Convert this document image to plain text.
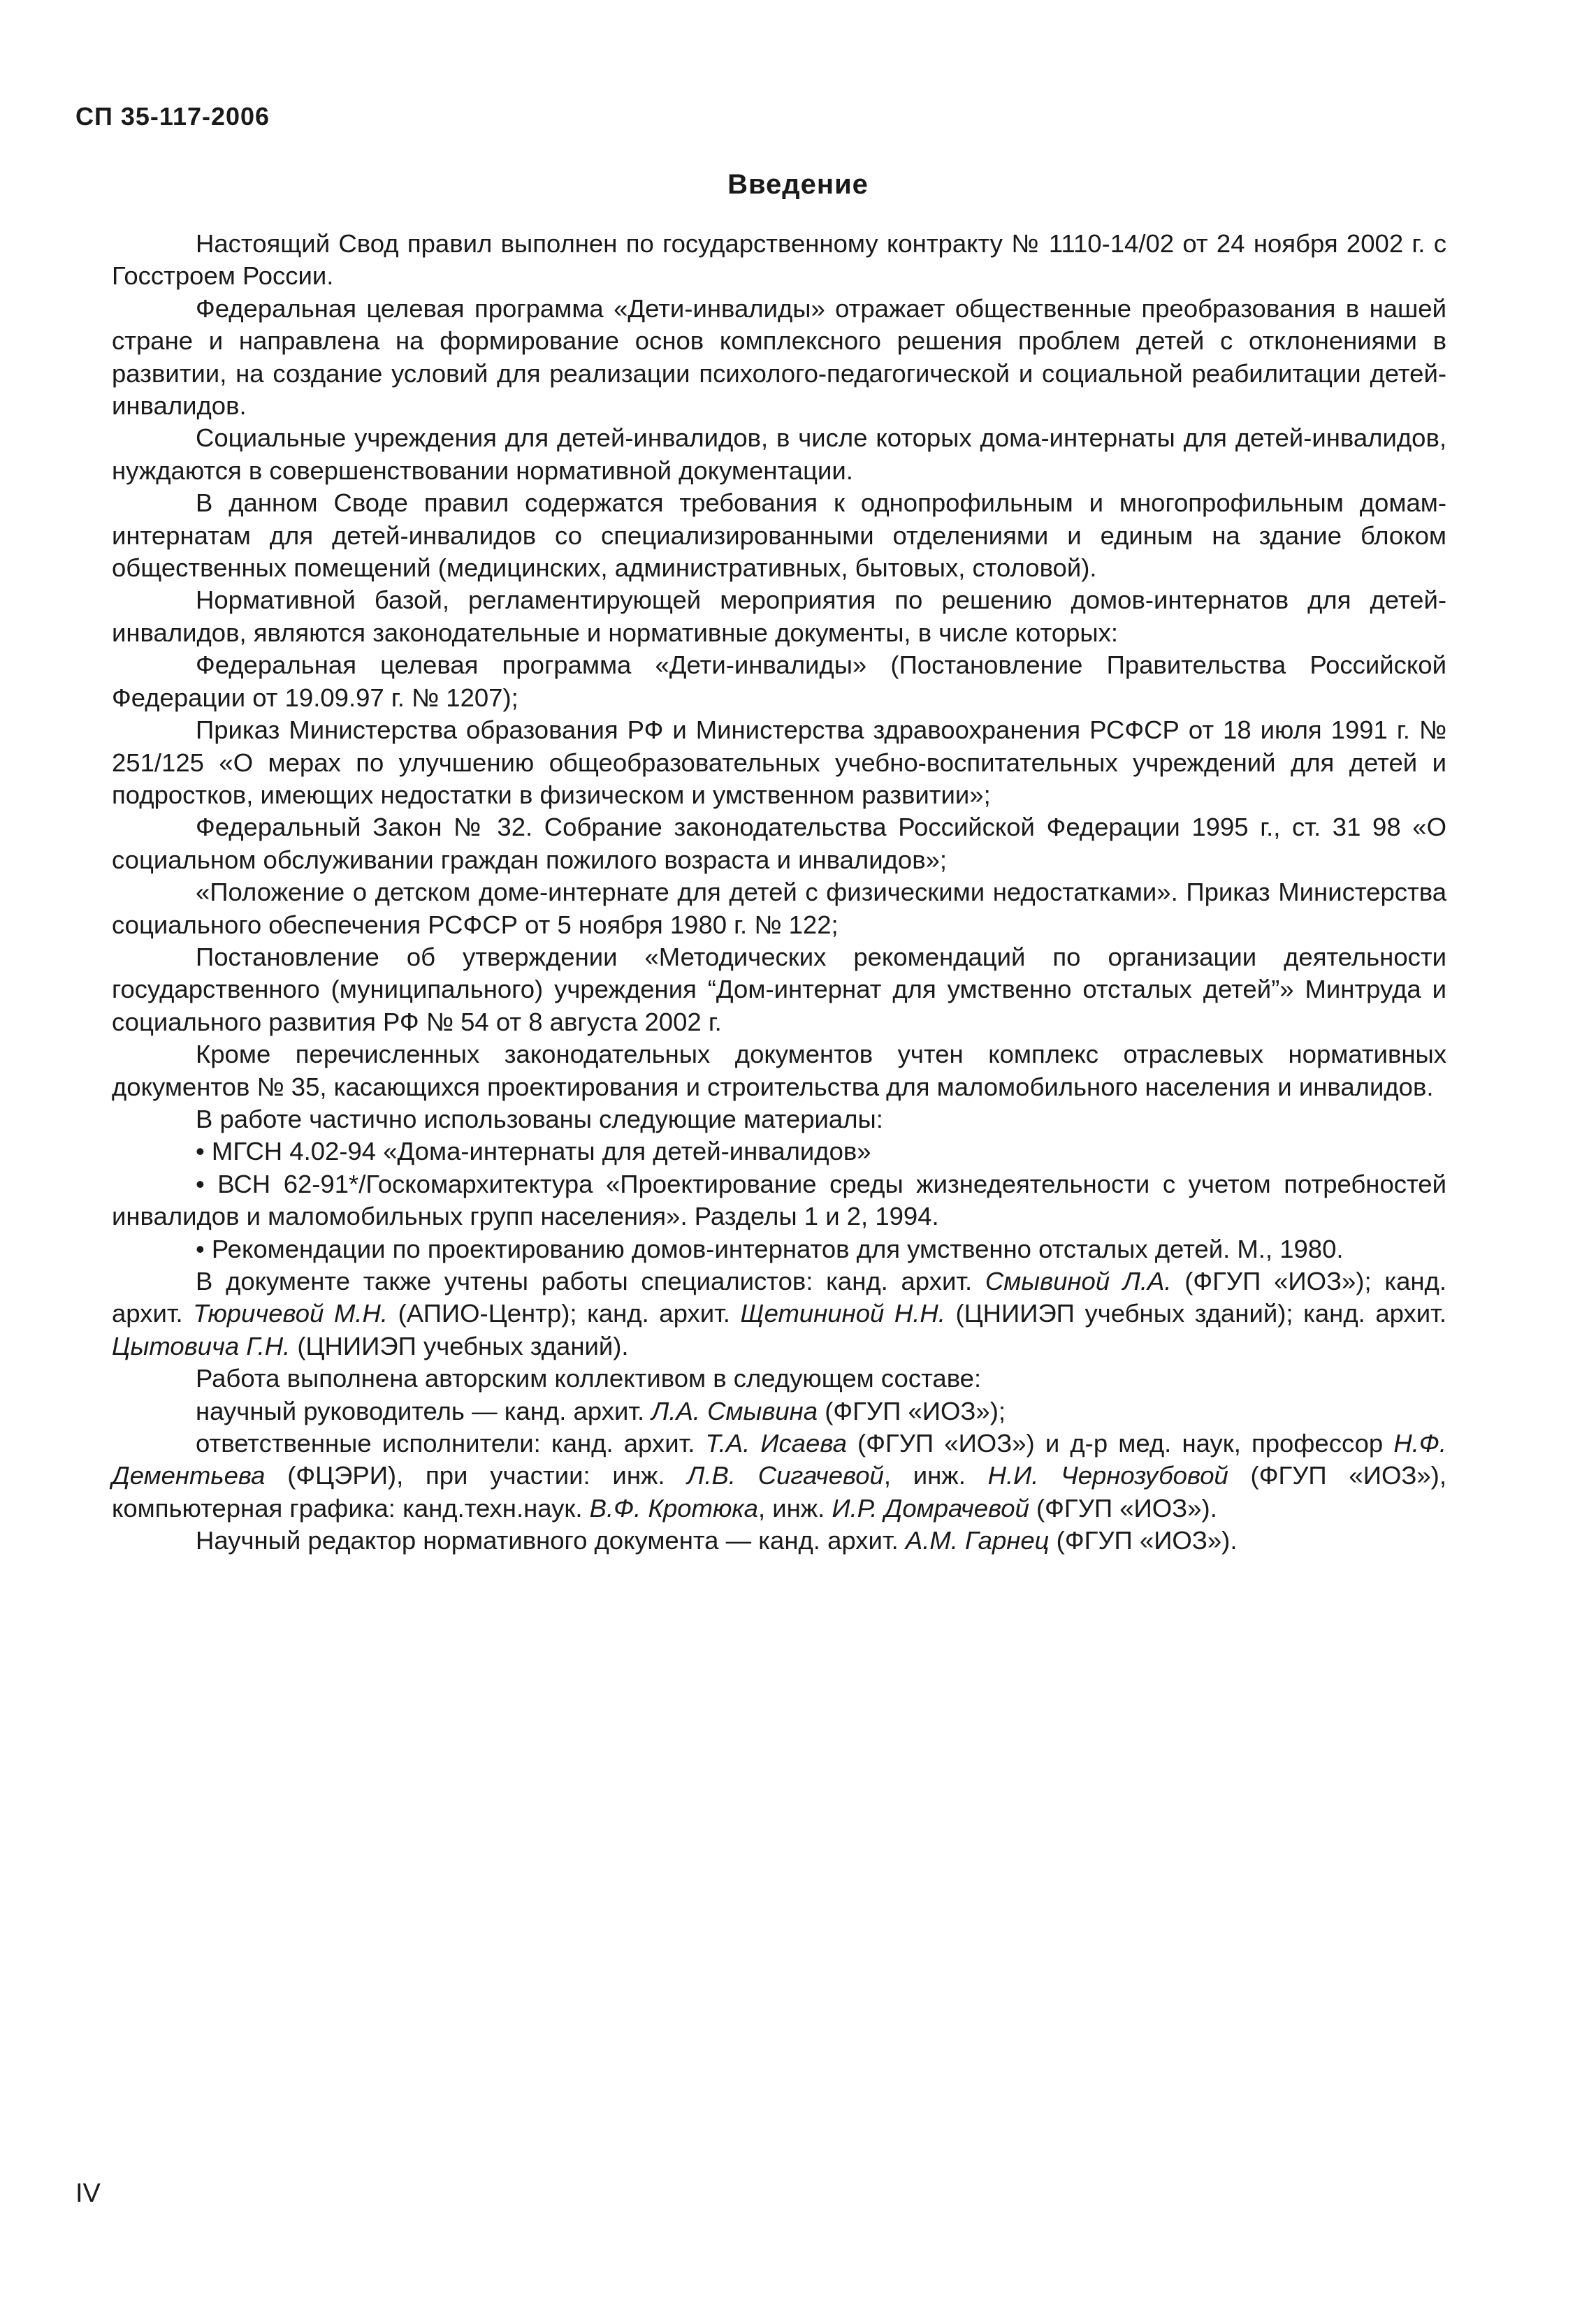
СП 35-117-2006
Введение

Настоящий Свод правил выполнен по государственному контракту № 1110-14/02 от 24 ноября 2002 г. с Госстроем России.

Федеральная целевая программа «Дети-инвалиды» отражает общественные преобразования в нашей стране и направлена на формирование основ комплексного решения проблем детей с отклонениями в развитии, на создание условий для реализации психолого-педагогической и социальной реабилитации детей-инвалидов.

Социальные учреждения для детей-инвалидов, в числе которых дома-интернаты для детей-инвалидов, нуждаются в совершенствовании нормативной документации.

В данном Своде правил содержатся требования к однопрофильным и многопрофильным домам-интернатам для детей-инвалидов со специализированными отделениями и единым на здание блоком общественных помещений (медицинских, административных, бытовых, столовой).

Нормативной базой, регламентирующей мероприятия по решению домов-интернатов для детей-инвалидов, являются законодательные и нормативные документы, в числе которых:

Федеральная целевая программа «Дети-инвалиды» (Постановление Правительства Российской Федерации от 19.09.97 г. № 1207);

Приказ Министерства образования РФ и Министерства здравоохранения РСФСР от 18 июля 1991 г. № 251/125 «О мерах по улучшению общеобразовательных учебно-воспитательных учреждений для детей и подростков, имеющих недостатки в физическом и умственном развитии»;

Федеральный Закон № 32. Собрание законодательства Российской Федерации 1995 г., ст. 31 98 «О социальном обслуживании граждан пожилого возраста и инвалидов»;

«Положение о детском доме-интернате для детей с физическими недостатками». Приказ Министерства социального обеспечения РСФСР от 5 ноября 1980 г. № 122;

Постановление об утверждении «Методических рекомендаций по организации деятельности государственного (муниципального) учреждения “Дом-интернат для умственно отсталых детей”» Минтруда и социального развития РФ № 54 от 8 августа 2002 г.

Кроме перечисленных законодательных документов учтен комплекс отраслевых нормативных документов № 35, касающихся проектирования и строительства для маломобильного населения и инвалидов.

В работе частично использованы следующие материалы:

• МГСН 4.02-94 «Дома-интернаты для детей-инвалидов»

• ВСН 62-91*/Госкомархитектура «Проектирование среды жизнедеятельности с учетом потребностей инвалидов и маломобильных групп населения». Разделы 1 и 2, 1994.

• Рекомендации по проектированию домов-интернатов для умственно отсталых детей. М., 1980.

В документе также учтены работы специалистов: канд. архит. Смывиной Л.А. (ФГУП «ИОЗ»); канд. архит. Тюричевой М.Н. (АПИО-Центр); канд. архит. Щетининой Н.Н. (ЦНИИЭП учебных зданий); канд. архит. Цытовича Г.Н. (ЦНИИЭП учебных зданий).

Работа выполнена авторским коллективом в следующем составе:

научный руководитель — канд. архит. Л.А. Смывина (ФГУП «ИОЗ»);

ответственные исполнители: канд. архит. Т.А. Исаева (ФГУП «ИОЗ») и д-р мед. наук, профессор Н.Ф. Дементьева (ФЦЭРИ), при участии: инж. Л.В. Сигачевой, инж. Н.И. Чернозубовой (ФГУП «ИОЗ»), компьютерная графика: канд.техн.наук. В.Ф. Кротюка, инж. И.Р. Домрачевой (ФГУП «ИОЗ»).

Научный редактор нормативного документа — канд. архит. А.М. Гарнец (ФГУП «ИОЗ»).

IV
